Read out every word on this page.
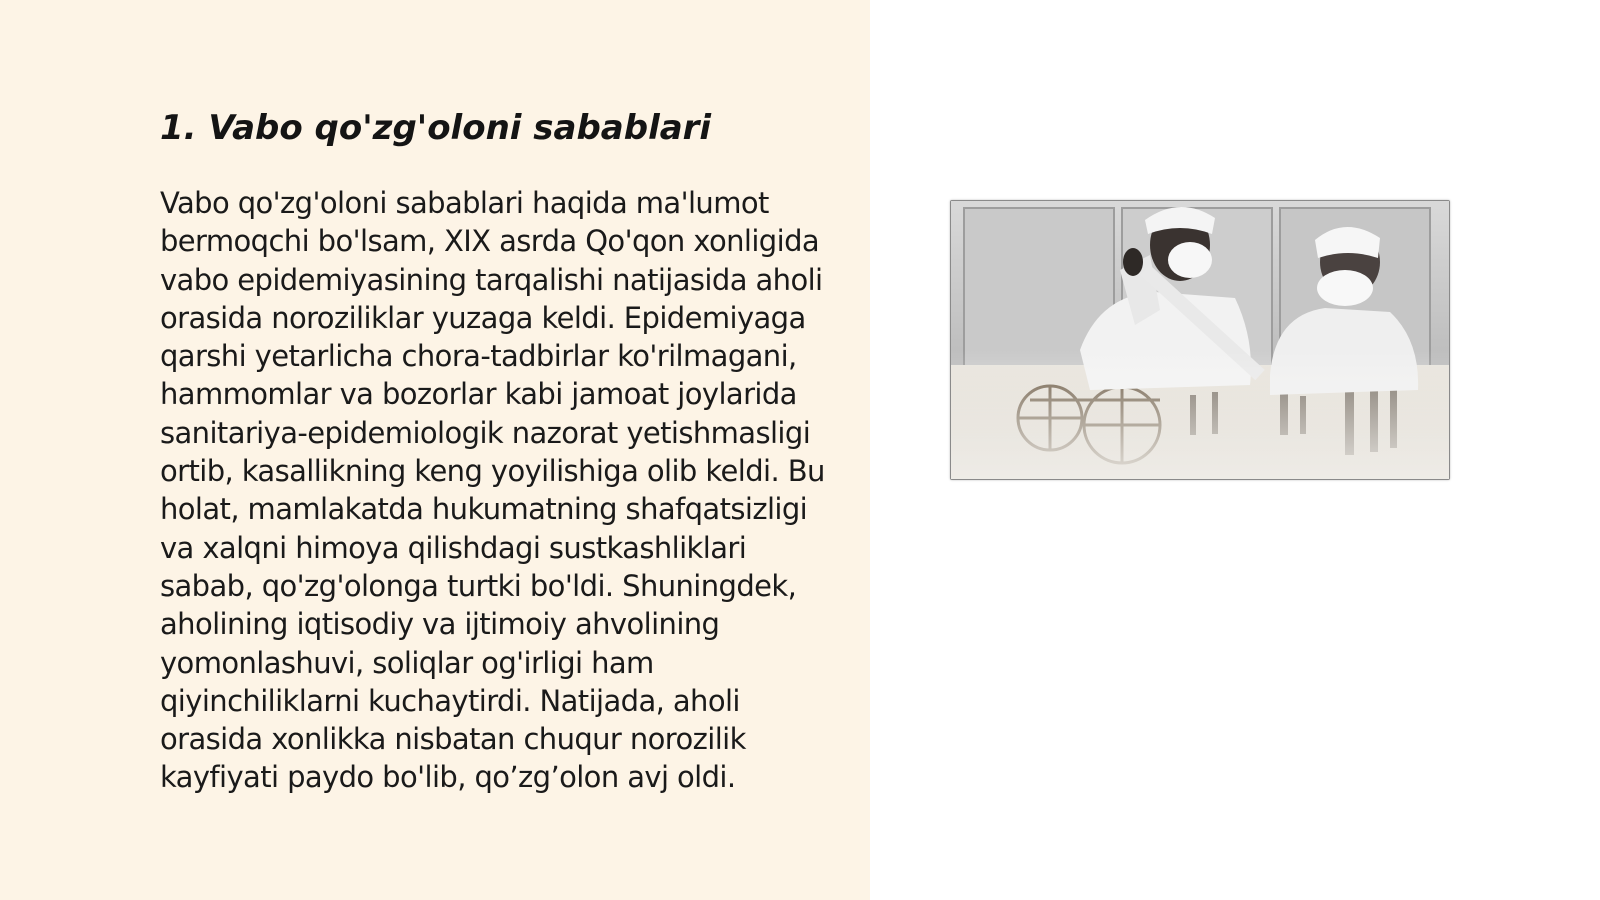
1. Vabo qo'zg'oloni sabablari

Vabo qo'zg'oloni sabablari haqida ma'lumot bermoqchi bo'lsam, XIX asrda Qo'qon xonligida vabo epidemiyasining tarqalishi natijasida aholi orasida noroziliklar yuzaga keldi. Epidemiyaga qarshi yetarlicha chora-tadbirlar ko'rilmagani, hammomlar va bozorlar kabi jamoat joylarida sanitariya-epidemiologik nazorat yetishmasligi ortib, kasallikning keng yoyilishiga olib keldi. Bu holat, mamlakatda hukumatning shafqatsizligi va xalqni himoya qilishdagi sustkashliklari sabab, qo'zg'olonga turtki bo'ldi. Shuningdek, aholining iqtisodiy va ijtimoiy ahvolining yomonlashuvi, soliqlar og'irligi ham qiyinchiliklarni kuchaytirdi. Natijada, aholi orasida xonlikka nisbatan chuqur norozilik kayfiyati paydo bo'lib, qo’zg’olon avj oldi.
